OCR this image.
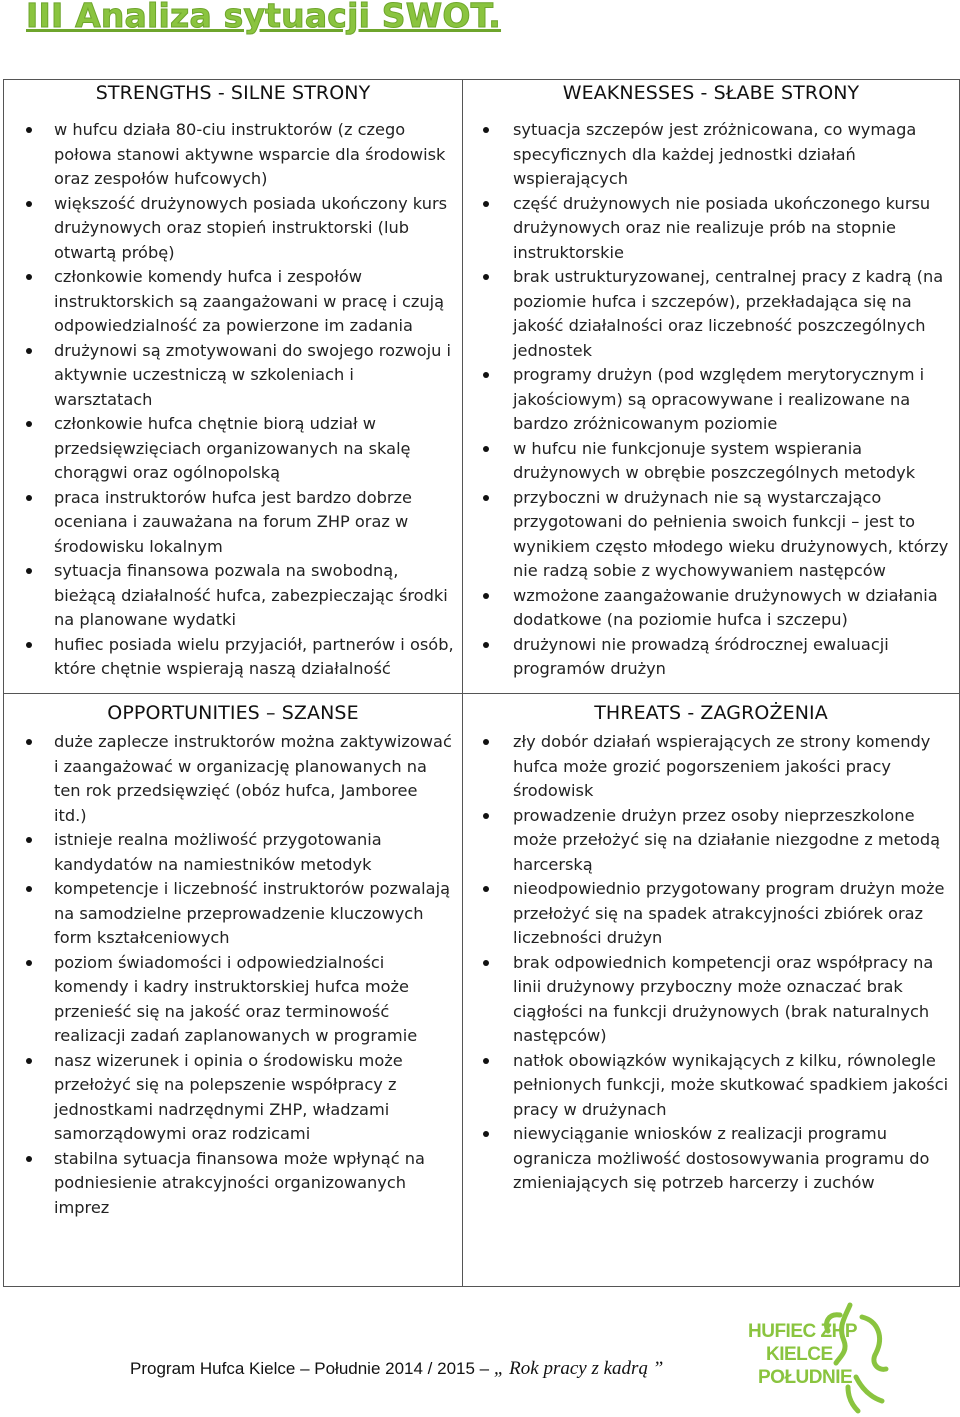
III Analiza sytuacji SWOT.
STRENGTHS - SILNE STRONY
w hufcu działa 80-ciu instruktorów (z czego połowa stanowi aktywne wsparcie dla środowisk oraz zespołów hufcowych)
większość drużynowych posiada ukończony kurs drużynowych oraz stopień instruktorski (lub otwartą próbę)
członkowie komendy hufca i zespołów instruktorskich są zaangażowani w pracę i czują odpowiedzialność za powierzone im zadania
drużynowi są zmotywowani do swojego rozwoju i aktywnie uczestniczą w szkoleniach i warsztatach
członkowie hufca chętnie biorą udział w przedsięwzięciach organizowanych na skalę chorągwi oraz ogólnopolską
praca instruktorów hufca jest bardzo dobrze oceniana i zauważana na forum ZHP oraz w środowisku lokalnym
sytuacja finansowa pozwala na swobodną, bieżącą działalność hufca, zabezpieczając środki na planowane wydatki
hufiec posiada wielu przyjaciół, partnerów i osób, które chętnie wspierają naszą działalność
WEAKNESSES - SŁABE STRONY
sytuacja szczepów jest zróżnicowana, co wymaga specyficznych dla każdej jednostki działań wspierających
część drużynowych nie posiada ukończonego kursu drużynowych oraz nie realizuje prób na stopnie instruktorskie
brak ustrukturyzowanej, centralnej pracy z kadrą (na poziomie hufca i szczepów), przekładająca się na jakość działalności oraz liczebność poszczególnych jednostek
programy drużyn (pod względem merytorycznym i jakościowym) są opracowywane i realizowane na bardzo zróżnicowanym poziomie
w hufcu nie funkcjonuje system wspierania drużynowych w obrębie poszczególnych metodyk
przyboczni w drużynach nie są wystarczająco przygotowani do pełnienia swoich funkcji – jest to wynikiem często młodego wieku drużynowych, którzy nie radzą sobie z wychowywaniem następców
wzmożone zaangażowanie drużynowych w działania dodatkowe (na poziomie hufca i szczepu)
drużynowi nie prowadzą śródrocznej ewaluacji programów drużyn
OPPORTUNITIES – SZANSE
duże zaplecze instruktorów można zaktywizować i zaangażować w organizację planowanych na ten rok przedsięwzięć (obóz hufca, Jamboree itd.)
istnieje realna możliwość przygotowania kandydatów na namiestników metodyk
kompetencje i liczebność instruktorów pozwalają na samodzielne przeprowadzenie kluczowych form kształceniowych
poziom świadomości i odpowiedzialności komendy i kadry instruktorskiej hufca może przenieść się na jakość oraz terminowość realizacji zadań zaplanowanych w programie
nasz wizerunek i opinia o środowisku może przełożyć się na polepszenie współpracy z jednostkami nadrzędnymi ZHP, władzami samorządowymi oraz rodzicami
stabilna sytuacja finansowa może wpłynąć na podniesienie atrakcyjności organizowanych imprez
THREATS - ZAGROŻENIA
zły dobór działań wspierających ze strony komendy hufca może grozić pogorszeniem jakości pracy środowisk
prowadzenie drużyn przez osoby nieprzeszkolone może przełożyć się na działanie niezgodne z metodą harcerską
nieodpowiednio przygotowany program drużyn może przełożyć się na spadek atrakcyjności zbiórek oraz liczebności drużyn
brak odpowiednich kompetencji oraz współpracy na linii drużynowy przyboczny może oznaczać brak ciągłości na funkcji drużynowych (brak naturalnych następców)
natłok obowiązków wynikających z kilku, równolegle pełnionych funkcji, może skutkować spadkiem jakości pracy w drużynach
niewyciąganie wniosków z realizacji programu ogranicza możliwość dostosowywania programu do zmieniających się potrzeb harcerzy i zuchów
Program Hufca Kielce – Południe 2014 / 2015 – „ Rok pracy z kadrą ”
HUFIEC ZHP
KIELCE
POŁUDNIE
